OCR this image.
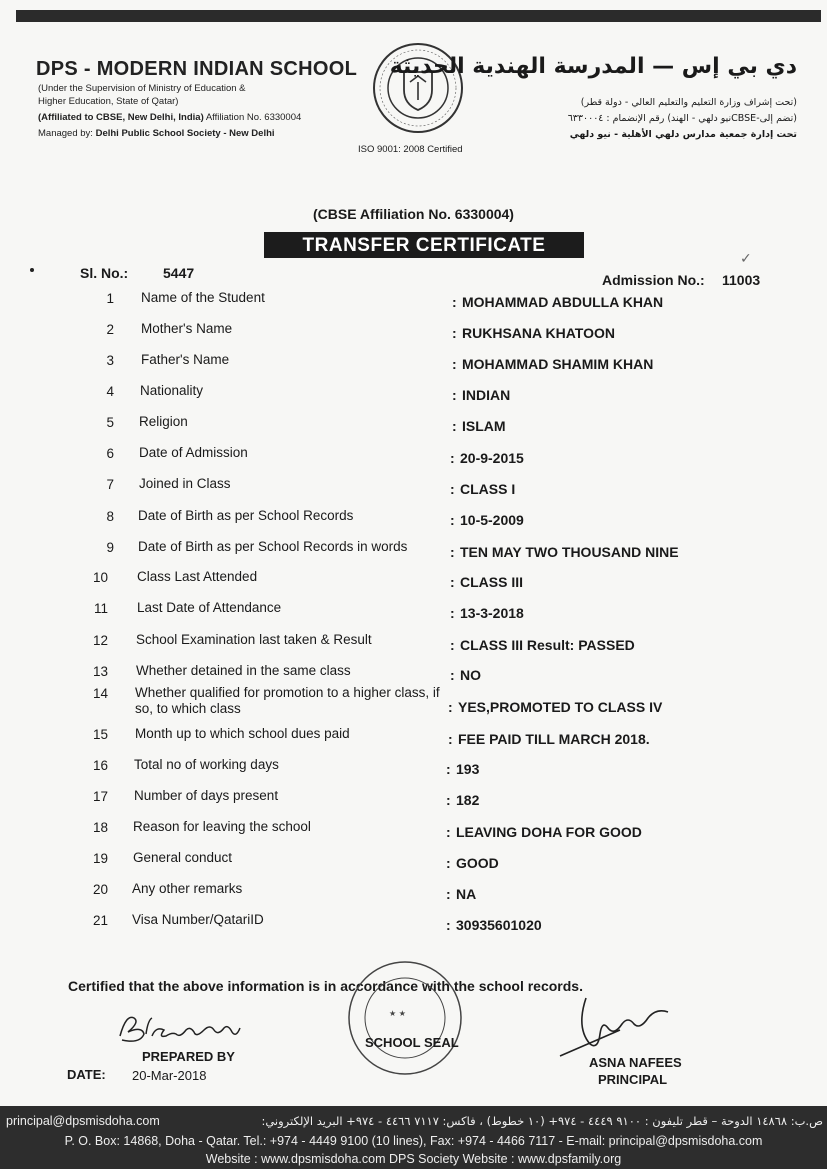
DPS - MODERN INDIAN SCHOOL
(Under the Supervision of Ministry of Education &
Higher Education, State of Qatar)
(Affiliated to CBSE, New Delhi, India) Affiliation No. 6330004
Managed by: Delhi Public School Society - New Delhi
ISO 9001: 2008 Certified
دي بي إس — المدرسة الهندية الحديثة
(تحت إشراف وزارة التعليم والتعليم العالي - دولة قطر)
(تضم إلى-CBSEنيو دلهي - الهند) رقم الإنضمام : ٦٣٣٠٠٠٤
تحت إدارة جمعية مدارس دلهي الأهلية - نيو دلهي
(CBSE Affiliation No. 6330004)
TRANSFER CERTIFICATE
Sl. No.: 5447
✓
Admission No.: 11003
1 Name of the Student	: MOHAMMAD ABDULLA KHAN
2 Mother's Name	: RUKHSANA KHATOON
3 Father's Name	: MOHAMMAD SHAMIM KHAN
4 Nationality	: INDIAN
5 Religion	: ISLAM
6 Date of Admission	: 20-9-2015
7 Joined in Class	: CLASS I
8 Date of Birth as per School Records	: 10-5-2009
9 Date of Birth as per School Records in words	: TEN MAY TWO THOUSAND NINE
10 Class Last Attended	: CLASS III
11 Last Date of Attendance	: 13-3-2018
12 School Examination last taken & Result	: CLASS III Result: PASSED
13 Whether detained in the same class	: NO
14 Whether qualified for promotion to a higher class, if so, to which class	: YES,PROMOTED TO CLASS IV
15 Month up to which school dues paid	: FEE PAID TILL MARCH 2018.
16 Total no of working days	: 193
17 Number of days present	: 182
18 Reason for leaving the school	: LEAVING DOHA FOR GOOD
19 General conduct	: GOOD
20 Any other remarks	: NA
21 Visa Number/QatariID	: 30935601020
Certified that the above information is in accordance with the school records.
PREPARED BY
DATE: 20-Mar-2018
★ ★
SCHOOL SEAL
ASNA NAFEES
PRINCIPAL
principal@dpsmisdoha.com	ص.ب: ١٤٨٦٨ الدوحة – قطر تليفون : ٩١٠٠ ٤٤٤٩ - ٩٧٤+ (١٠ خطوط) ، فاكس: ٧١١٧ ٤٤٦٦ - ٩٧٤+ البريد الإلكتروني:
P. O. Box: 14868, Doha - Qatar. Tel.: +974 - 4449 9100 (10 lines), Fax: +974 - 4466 7117 - E-mail: principal@dpsmisdoha.com
Website : www.dpsmisdoha.com DPS Society Website : www.dpsfamily.org
